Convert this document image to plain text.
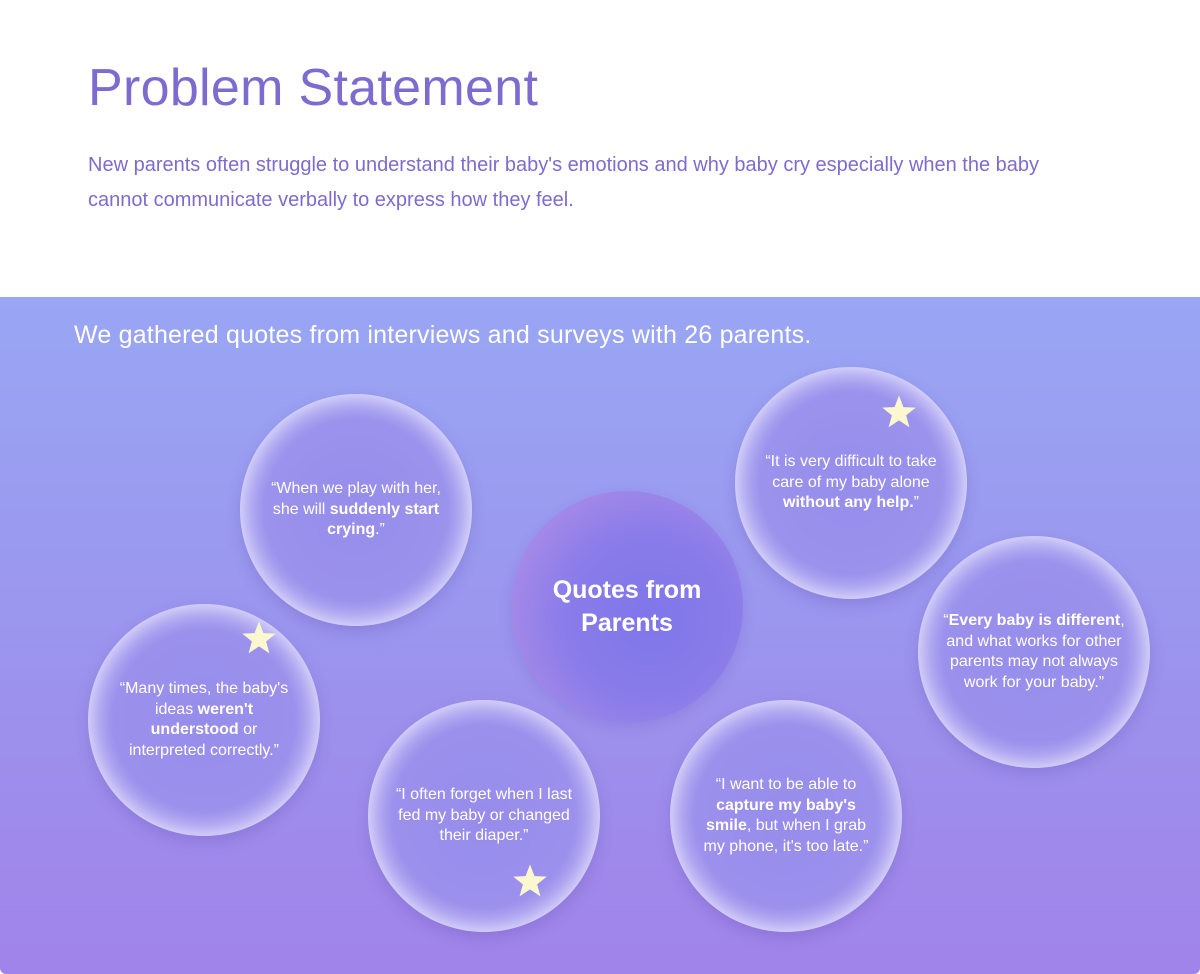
Problem Statement

New parents often struggle to understand their baby's emotions and why baby cry especially when the baby cannot communicate verbally to express how they feel.

We gathered quotes from interviews and surveys with 26 parents.
Quotes from Parents
“When we play with her, she will suddenly start crying.”
“It is very difficult to take care of my baby alone without any help.”
“Every baby is different, and what works for other parents may not always work for your baby.”
“Many times, the baby's ideas weren't understood or interpreted correctly.”
“I often forget when I last fed my baby or changed their diaper.”
“I want to be able to capture my baby's smile, but when I grab my phone, it's too late.”
